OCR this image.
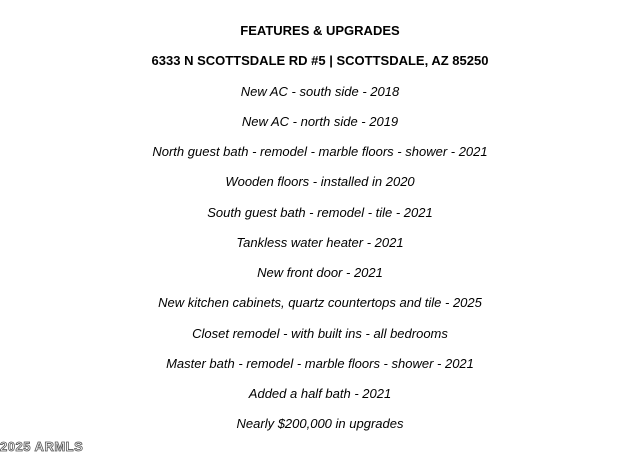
FEATURES & UPGRADES
6333 N SCOTTSDALE RD #5 | SCOTTSDALE, AZ 85250
New AC - south side - 2018
New AC - north side - 2019
North guest bath - remodel - marble floors - shower - 2021
Wooden floors - installed in 2020
South guest bath - remodel - tile - 2021
Tankless water heater - 2021
New front door - 2021
New kitchen cabinets, quartz countertops and tile - 2025
Closet remodel - with built ins - all bedrooms
Master bath - remodel - marble floors - shower - 2021
Added a half bath - 2021
Nearly $200,000 in upgrades
2025 ARMLS
